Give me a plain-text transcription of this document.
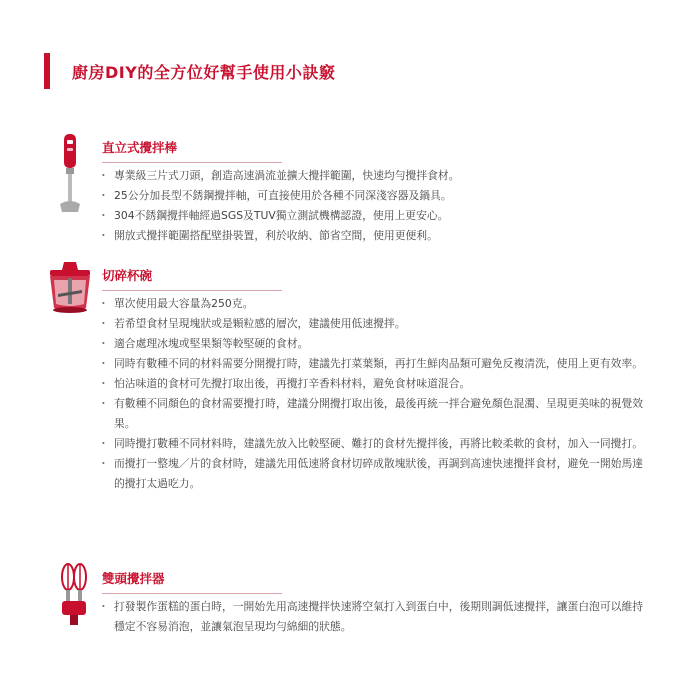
廚房DIY的全方位好幫手使用小訣竅
直立式攪拌棒
・ 專業級三片式刀頭，創造高速渦流並擴大攪拌範圍，快速均勻攪拌食材。
・ 25公分加長型不銹鋼攪拌軸，可直接使用於各種不同深淺容器及鍋具。
・ 304不銹鋼攪拌軸經過SGS及TUV獨立測試機構認證，使用上更安心。
・ 開放式攪拌範圍搭配壁掛裝置，利於收納、節省空間，使用更便利。
切碎杯碗
・ 單次使用最大容量為250克。
・ 若希望食材呈現塊狀或是顆粒感的層次，建議使用低速攪拌。
・ 適合處理冰塊或堅果類等較堅硬的食材。
・ 同時有數種不同的材料需要分開攪打時，建議先打菜葉類，再打生鮮肉品類可避免反複清洗，使用上更有效率。
・ 怕沾味道的食材可先攪打取出後，再攪打辛香料材料，避免食材味道混合。
・ 有數種不同顏色的食材需要攪打時，建議分開攪打取出後，最後再統一拌合避免顏色混濁、呈現更美味的視覺效果。
・ 同時攪打數種不同材料時，建議先放入比較堅硬、難打的食材先攪拌後，再將比較柔軟的食材，加入一同攪打。
・ 而攪打一整塊／片的食材時，建議先用低速將食材切碎成散塊狀後，再調到高速快速攪拌食材，避免一開始馬達的攪打太過吃力。
雙頭攪拌器
・ 打發製作蛋糕的蛋白時，一開始先用高速攪拌快速將空氣打入到蛋白中，後期則調低速攪拌，讓蛋白泡可以維持穩定不容易消泡，並讓氣泡呈現均勻綿細的狀態。
